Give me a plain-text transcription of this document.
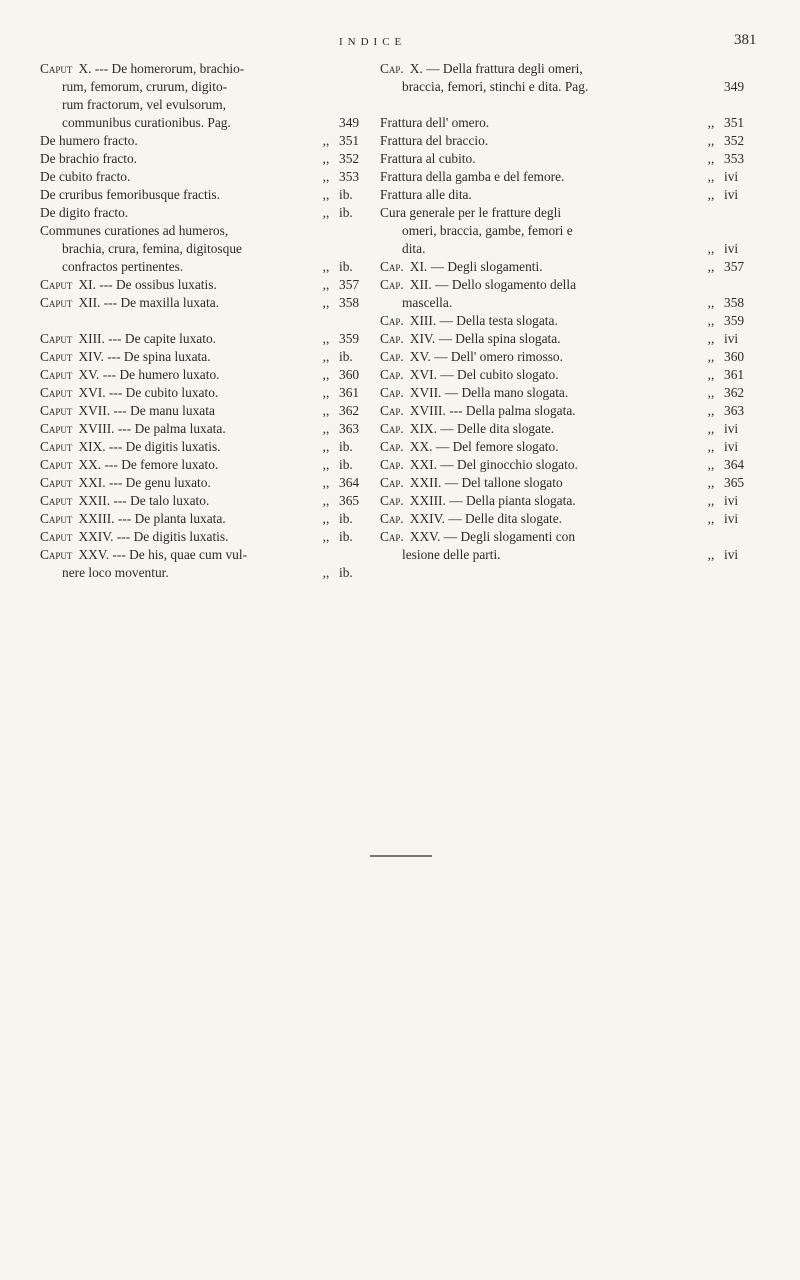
INDICE	381
Caput X. --- De homerorum, brachio-
rum, femorum, crurum, digito-
rum fractorum, vel evulsorum,
communibus curationibus. Pag.	349
De humero fracto.	,, 351
De brachio fracto.	,, 352
De cubito fracto.	,, 353
De cruribus femoribusque fractis.	,, ib.
De digito fracto.	,, ib.
Communes curationes ad humeros,
brachia, crura, femina, digitosque
confractos pertinentes.	,, ib.
Caput XI. --- De ossibus luxatis.	,, 357
Caput XII. --- De maxilla luxata.	,, 358
Caput XIII. --- De capite luxato.	,, 359
Caput XIV. --- De spina luxata.	,, ib.
Caput XV. --- De humero luxato.	,, 360
Caput XVI. --- De cubito luxato.	,, 361
Caput XVII. --- De manu luxata	,, 362
Caput XVIII. --- De palma luxata.	,, 363
Caput XIX. --- De digitis luxatis.	,, ib.
Caput XX. --- De femore luxato.	,, ib.
Caput XXI. --- De genu luxato.	,, 364
Caput XXII. --- De talo luxato.	,, 365
Caput XXIII. --- De planta luxata.	,, ib.
Caput XXIV. --- De digitis luxatis.	,, ib.
Caput XXV. --- De his, quae cum vul-
nere loco moventur.	,, ib.
Cap. X. — Della frattura degli omeri,
braccia, femori, stinchi e dita. Pag.	349
Frattura dell' omero.	,, 351
Frattura del braccio.	,, 352
Frattura al cubito.	,, 353
Frattura della gamba e del femore.	,, ivi
Frattura alle dita.	,, ivi
Cura generale per le fratture degli
omeri, braccia, gambe, femori e
dita.	,, ivi
Cap. XI. — Degli slogamenti.	,, 357
Cap. XII. — Dello slogamento della
mascella.	,, 358
Cap. XIII. — Della testa slogata.	,, 359
Cap. XIV. — Della spina slogata.	,, ivi
Cap. XV. — Dell' omero rimosso.	,, 360
Cap. XVI. — Del cubito slogato.	,, 361
Cap. XVII. — Della mano slogata.	,, 362
Cap. XVIII. --- Della palma slogata.	,, 363
Cap. XIX. — Delle dita slogate.	,, ivi
Cap. XX. — Del femore slogato.	,, ivi
Cap. XXI. — Del ginocchio slogato.	,, 364
Cap. XXII. — Del tallone slogato	,, 365
Cap. XXIII. — Della pianta slogata.	,, ivi
Cap. XXIV. — Delle dita slogate.	,, ivi
Cap. XXV. — Degli slogamenti con
lesione delle parti.	,, ivi
